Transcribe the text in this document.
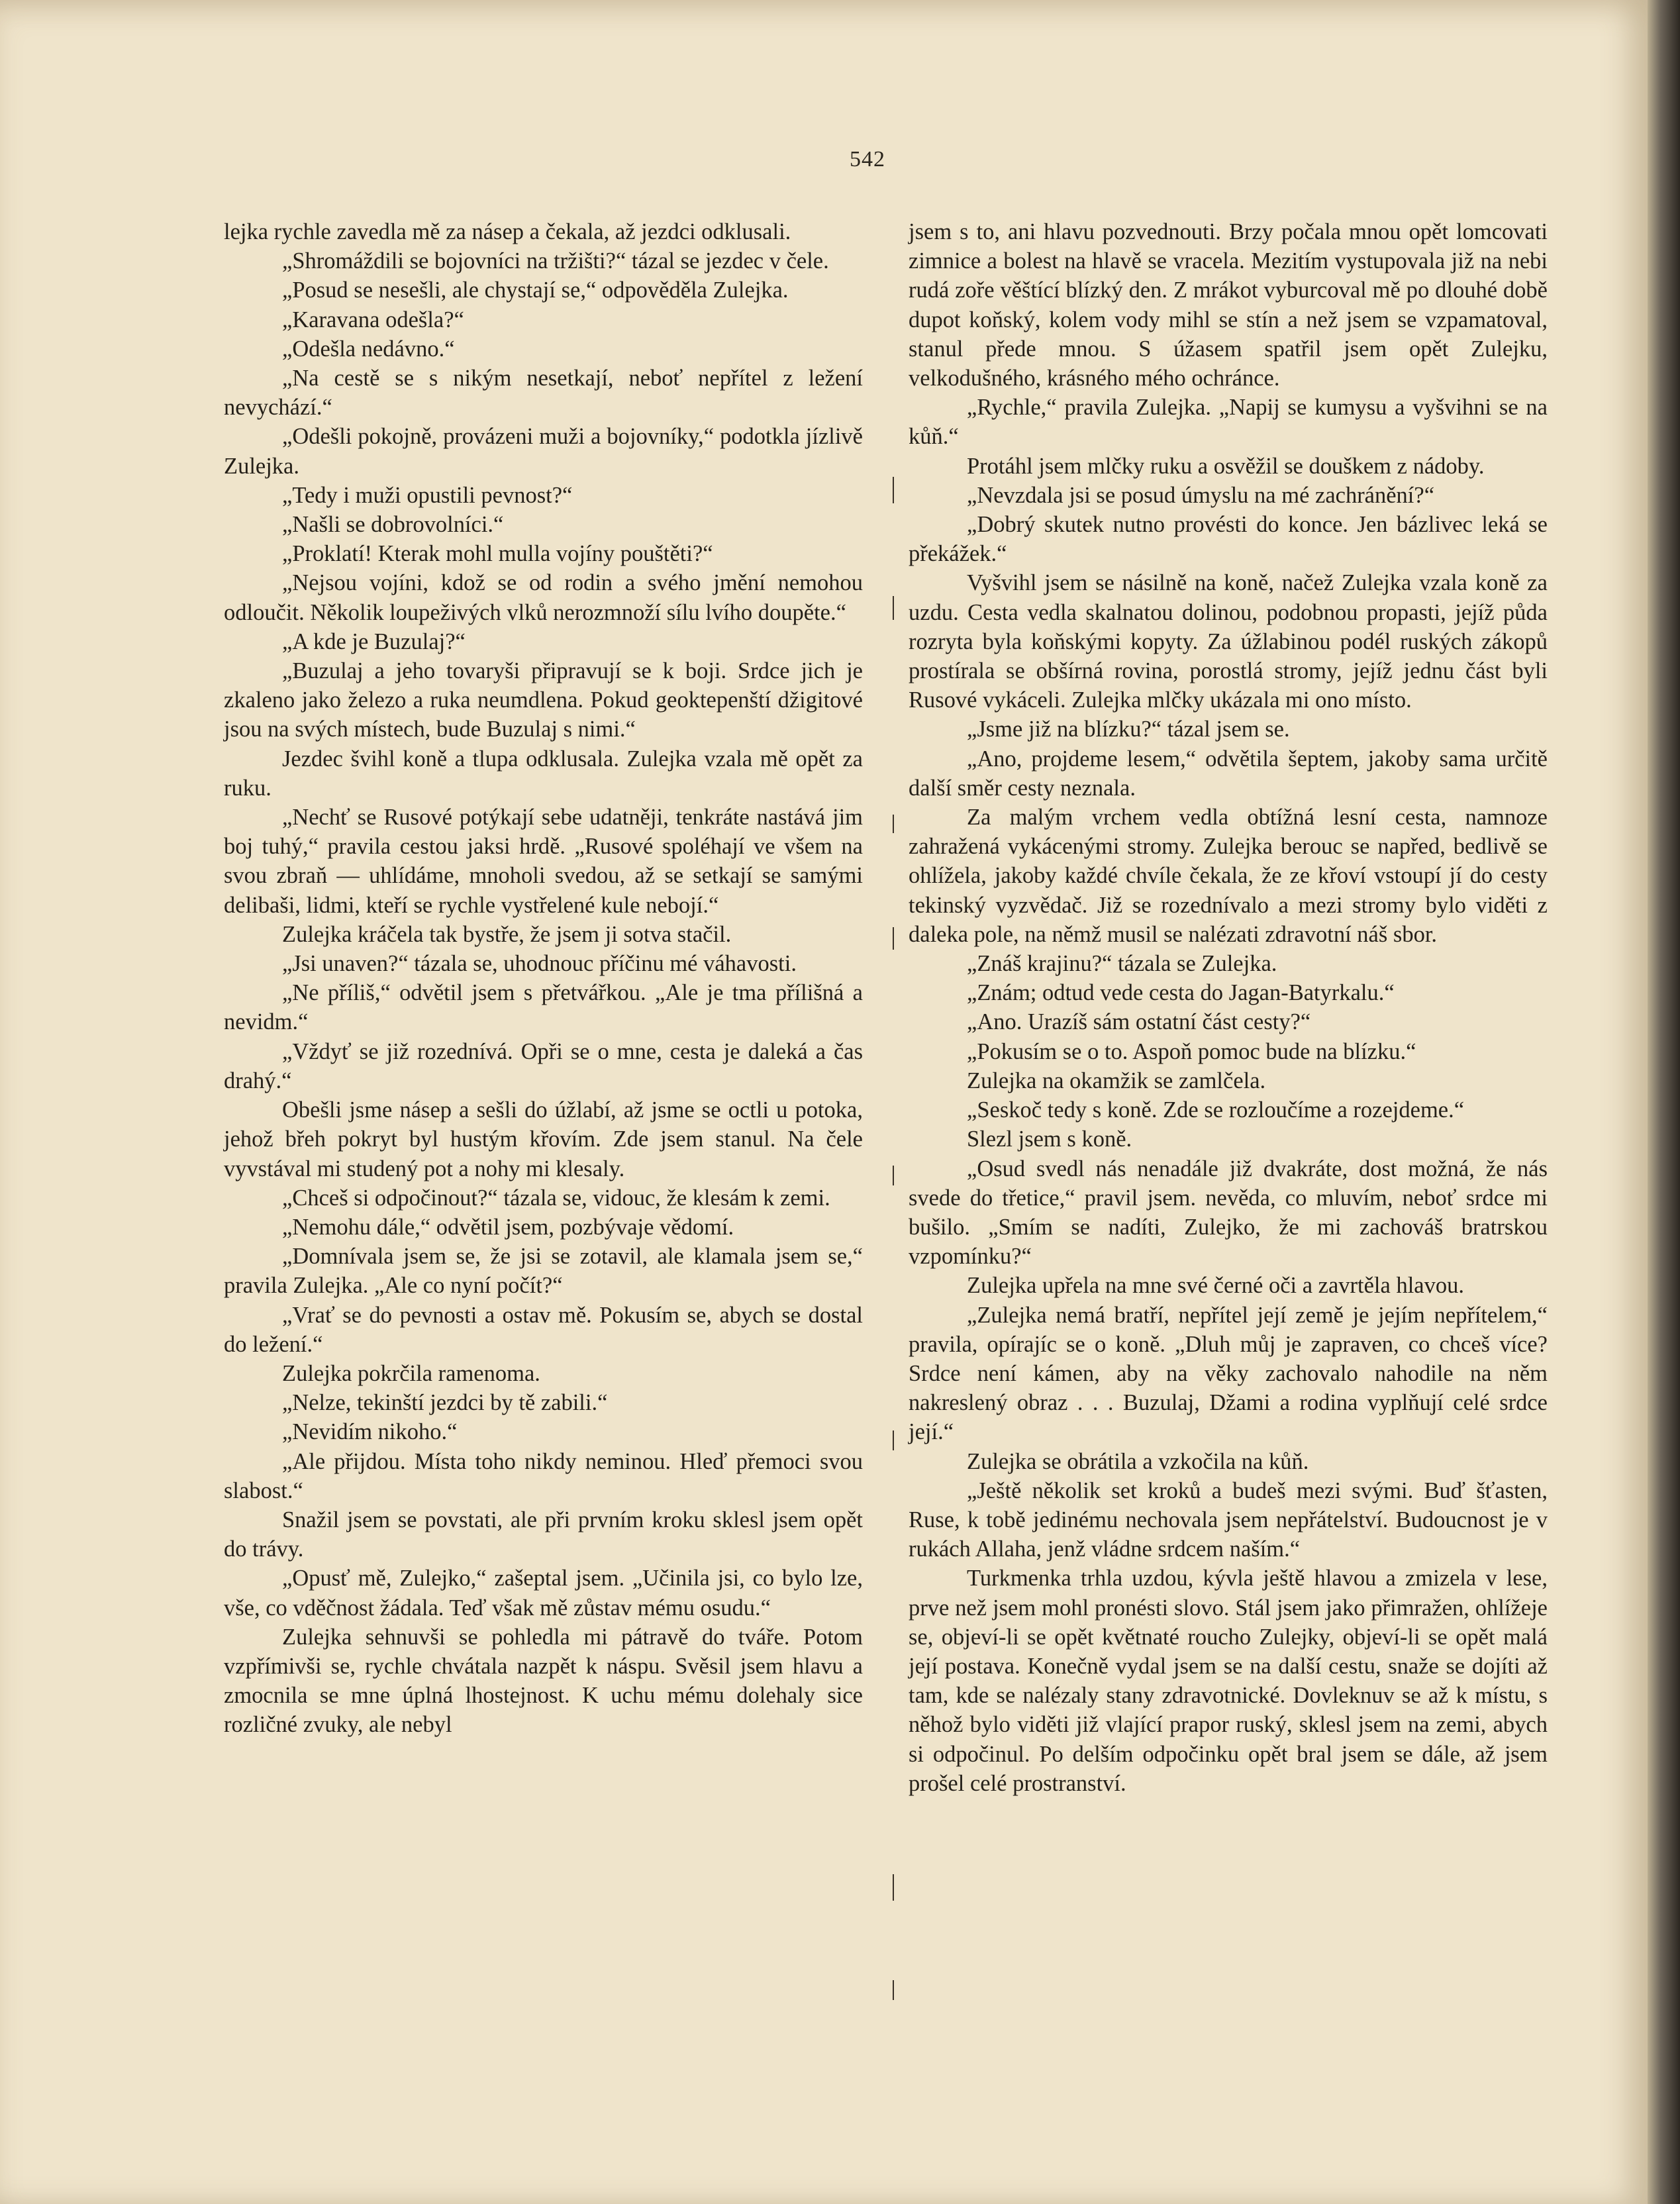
542

lejka rychle zavedla mě za násep a čekala, až jezdci odklusali.

„Shromáždili se bojovníci na tržišti?“ tázal se jezdec v čele.

„Posud se nesešli, ale chystají se,“ odpověděla Zulejka.

„Karavana odešla?“

„Odešla nedávno.“

„Na cestě se s nikým nesetkají, neboť nepřítel z ležení nevychází.“

„Odešli pokojně, provázeni muži a bojovníky,“ podotkla jízlivě Zulejka.

„Tedy i muži opustili pevnost?“

„Našli se dobrovolníci.“

„Proklatí! Kterak mohl mulla vojíny pouštěti?“

„Nejsou vojíni, kdož se od rodin a svého jmění nemohou odloučit. Několik loupeživých vlků nerozmnoží sílu lvího doupěte.“

„A kde je Buzulaj?“

„Buzulaj a jeho tovaryši připravují se k boji. Srdce jich je zkaleno jako železo a ruka neumdlena. Pokud geoktepenští džigitové jsou na svých místech, bude Buzulaj s nimi.“

Jezdec švihl koně a tlupa odklusala. Zulejka vzala mě opět za ruku.

„Nechť se Rusové potýkají sebe udatněji, tenkráte nastává jim boj tuhý,“ pravila cestou jaksi hrdě. „Rusové spoléhají ve všem na svou zbraň — uhlídáme, mnoholi svedou, až se setkají se samými delibaši, lidmi, kteří se rychle vystřelené kule nebojí.“

Zulejka kráčela tak bystře, že jsem ji sotva stačil.

„Jsi unaven?“ tázala se, uhodnouc příčinu mé váhavosti.

„Ne příliš,“ odvětil jsem s přetvářkou. „Ale je tma přílišná a nevidm.“

„Vždyť se již rozednívá. Opři se o mne, cesta je daleká a čas drahý.“

Obešli jsme násep a sešli do úžlabí, až jsme se octli u potoka, jehož břeh pokryt byl hustým křovím. Zde jsem stanul. Na čele vyvstával mi studený pot a nohy mi klesaly.

„Chceš si odpočinout?“ tázala se, vidouc, že klesám k zemi.

„Nemohu dále,“ odvětil jsem, pozbývaje vědomí.

„Domnívala jsem se, že jsi se zotavil, ale klamala jsem se,“ pravila Zulejka. „Ale co nyní počít?“

„Vrať se do pevnosti a ostav mě. Pokusím se, abych se dostal do ležení.“

Zulejka pokrčila ramenoma.

„Nelze, tekinští jezdci by tě zabili.“

„Nevidím nikoho.“

„Ale přijdou. Místa toho nikdy neminou. Hleď přemoci svou slabost.“

Snažil jsem se povstati, ale při prvním kroku sklesl jsem opět do trávy.

„Opusť mě, Zulejko,“ zašeptal jsem. „Učinila jsi, co bylo lze, vše, co vděčnost žádala. Teď však mě zůstav mému osudu.“

Zulejka sehnuvši se pohledla mi pátravě do tváře. Potom vzpřímivši se, rychle chvátala nazpět k náspu. Svěsil jsem hlavu a zmocnila se mne úplná lhostejnost. K uchu mému dolehaly sice rozličné zvuky, ale nebyl

jsem s to, ani hlavu pozvednouti. Brzy počala mnou opět lomcovati zimnice a bolest na hlavě se vracela. Mezitím vystupovala již na nebi rudá zoře věštící blízký den. Z mrákot vyburcoval mě po dlouhé době dupot koňský, kolem vody mihl se stín a než jsem se vzpamatoval, stanul přede mnou. S úžasem spatřil jsem opět Zulejku, velkodušného, krásného mého ochránce.

„Rychle,“ pravila Zulejka. „Napij se kumysu a vyšvihni se na kůň.“

Protáhl jsem mlčky ruku a osvěžil se douškem z nádoby.

„Nevzdala jsi se posud úmyslu na mé zachránění?“

„Dobrý skutek nutno provésti do konce. Jen bázlivec leká se překážek.“

Vyšvihl jsem se násilně na koně, načež Zulejka vzala koně za uzdu. Cesta vedla skalnatou dolinou, podobnou propasti, jejíž půda rozryta byla koňskými kopyty. Za úžlabinou podél ruských zákopů prostírala se obšírná rovina, porostlá stromy, jejíž jednu část byli Rusové vykáceli. Zulejka mlčky ukázala mi ono místo.

„Jsme již na blízku?“ tázal jsem se.

„Ano, projdeme lesem,“ odvětila šeptem, jakoby sama určitě další směr cesty neznala.

Za malým vrchem vedla obtížná lesní cesta, namnoze zahražená vykácenými stromy. Zulejka berouc se napřed, bedlivě se ohlížela, jakoby každé chvíle čekala, že ze křoví vstoupí jí do cesty tekinský vyzvědač. Již se rozednívalo a mezi stromy bylo viděti z daleka pole, na němž musil se nalézati zdravotní náš sbor.

„Znáš krajinu?“ tázala se Zulejka.

„Znám; odtud vede cesta do Jagan-Batyrkalu.“

„Ano. Urazíš sám ostatní část cesty?“

„Pokusím se o to. Aspoň pomoc bude na blízku.“

Zulejka na okamžik se zamlčela.

„Seskoč tedy s koně. Zde se rozloučíme a rozejdeme.“

Slezl jsem s koně.

„Osud svedl nás nenadále již dvakráte, dost možná, že nás svede do třetice,“ pravil jsem. nevěda, co mluvím, neboť srdce mi bušilo. „Smím se nadíti, Zulejko, že mi zachováš bratrskou vzpomínku?“

Zulejka upřela na mne své černé oči a zavrtěla hlavou.

„Zulejka nemá bratří, nepřítel její země je jejím nepřítelem,“ pravila, opírajíc se o koně. „Dluh můj je zapraven, co chceš více? Srdce není kámen, aby na věky zachovalo nahodile na něm nakreslený obraz . . . Buzulaj, Džami a rodina vyplňují celé srdce její.“

Zulejka se obrátila a vzkočila na kůň.

„Ještě několik set kroků a budeš mezi svými. Buď šťasten, Ruse, k tobě jedinému nechovala jsem nepřátelství. Budoucnost je v rukách Allaha, jenž vládne srdcem naším.“

Turkmenka trhla uzdou, kývla ještě hlavou a zmizela v lese, prve než jsem mohl pronésti slovo. Stál jsem jako přimražen, ohlížeje se, objeví-li se opět květnaté roucho Zulejky, objeví-li se opět malá její postava. Konečně vydal jsem se na další cestu, snaže se dojíti až tam, kde se nalézaly stany zdravotnické. Dovleknuv se až k místu, s něhož bylo viděti již vlající prapor ruský, sklesl jsem na zemi, abych si odpočinul. Po delším odpočinku opět bral jsem se dále, až jsem prošel celé prostranství.
